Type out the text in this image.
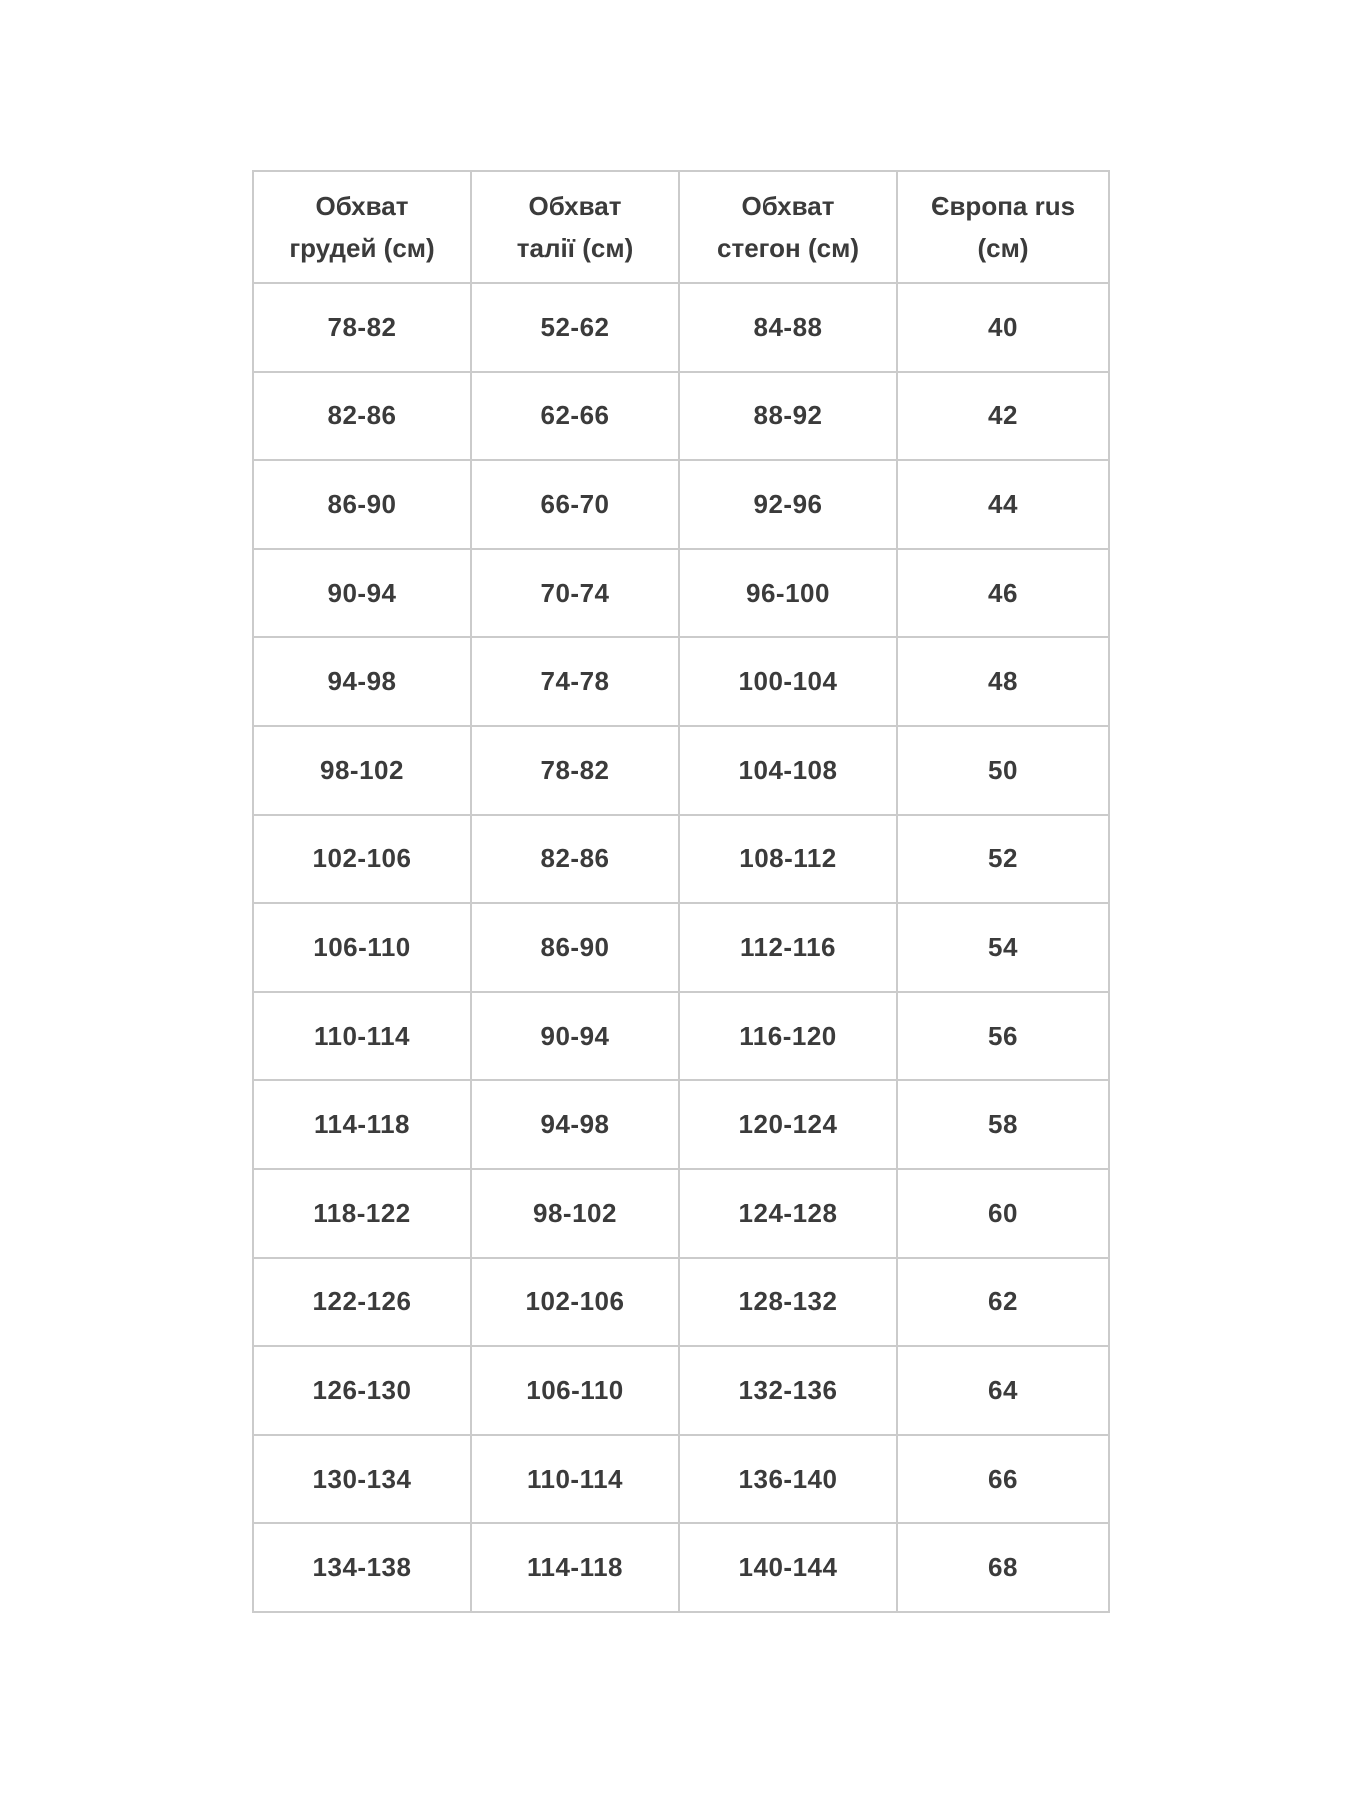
Обхват грудей (см)	Обхват талії (см)	Обхват стегон (см)	Європа rus (см)
78-82	52-62	84-88	40
82-86	62-66	88-92	42
86-90	66-70	92-96	44
90-94	70-74	96-100	46
94-98	74-78	100-104	48
98-102	78-82	104-108	50
102-106	82-86	108-112	52
106-110	86-90	112-116	54
110-114	90-94	116-120	56
114-118	94-98	120-124	58
118-122	98-102	124-128	60
122-126	102-106	128-132	62
126-130	106-110	132-136	64
130-134	110-114	136-140	66
134-138	114-118	140-144	68
